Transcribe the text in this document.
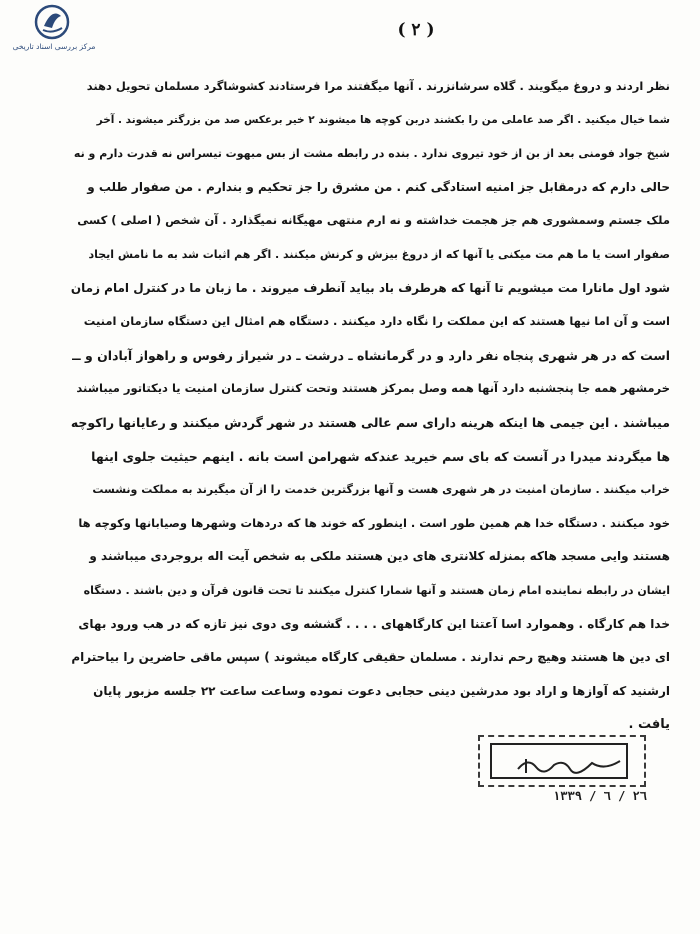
مرکز بررسی اسناد تاریخی
( ٢ )
نظر اردند و دروغ میگویند . گلاه سرشانزرند . آنها میگفتند مرا فرستادند کشوشاگرد مسلمان تحویل دهند
شما خیال میکنید . اگر صد عاملی من را بکشند دربن کوچه ها میشوند ۲ خیر برعکس صد من بزرگتر میشوند . آخر
شیخ جواد فومنی بعد از بن از خود تیروی ندارد . بنده در رابطه مشت از بس مبهوت تیسراس نه قدرت دارم و نه
حالی دارم که درمقابل جز امنیه استادگی کنم . من مشرق را جز تحکیم و بندارم . من صفوار طلب و
ملک جستم وسمشوری هم جز هجمت خداشته و نه ارم منتهی مهیگانه نمیگذارد . آن شخص ( اصلی ) کسی
صفوار است یا ما هم مت میکنی یا آنها که از دروغ بیزش و کرنش میکنند . اگر هم اثبات شد به ما نامش ایجاد
شود اول مانارا مت میشویم تا آنها که هرطرف باد بیاید آنطرف میروند . ما زبان ما در کنترل امام زمان
است و آن اما نیها هستند که این مملکت را نگاه دارد میکنند . دستگاه هم امثال این دستگاه سازمان امنیت
است که در هر شهری پنجاه نفر دارد و در گرمانشاه ـ درشت ـ در شیراز رفوس و راهواز آبادان و ــ
خرمشهر همه جا پنجشنبه دارد آنها همه وصل بمرکز هستند وتحت کنترل سازمان امنیت یا دیکتاتور میباشند
میباشند . این جیمی ها اینکه هرینه دارای سم عالی هستند در شهر گردش میکنند و رعایانها راکوچه
ها میگردند میدرا در آنست که بای سم خیرید عندکه شهرامن است بانه . اینهم حیثیت جلوی اینها
خراب میکنند . سازمان امنیت در هر شهری هست و آنها بزرگترین خدمت را از آن میگیرند به مملکت ونشست
خود میکنند . دستگاه خدا هم همین طور است . اینطور که خوند ها که دردهات وشهرها وصیابانها وکوچه ها
هستند وایی مسجد هاکه بمنزله کلانتری های دین هستند ملکی به شخص آیت اله بروجردی میباشند و
ایشان در رابطه نماینده امام زمان هستند و آنها شمارا کنترل میکنند تا تحت قانون قرآن و دین باشند . دستگاه
خدا هم کارگاه . وهموارد اسا آعتنا این کارگاههای . . . . گششه وی دوی نیز تازه که در هب ورود بهای
ای دین ها هستند وهیچ رحم ندارند . مسلمان حقیقی کارگاه میشوند ) سپس ماقی حاضرین را بیاحترام
ارشنید که آوازها و اراد بود مدرشین دینی حجابی دعوت نموده وساعت ساعت ۲۲ جلسه مزبور پایان
یافت .
٢٦ / ٦ / ١٣٣٩
